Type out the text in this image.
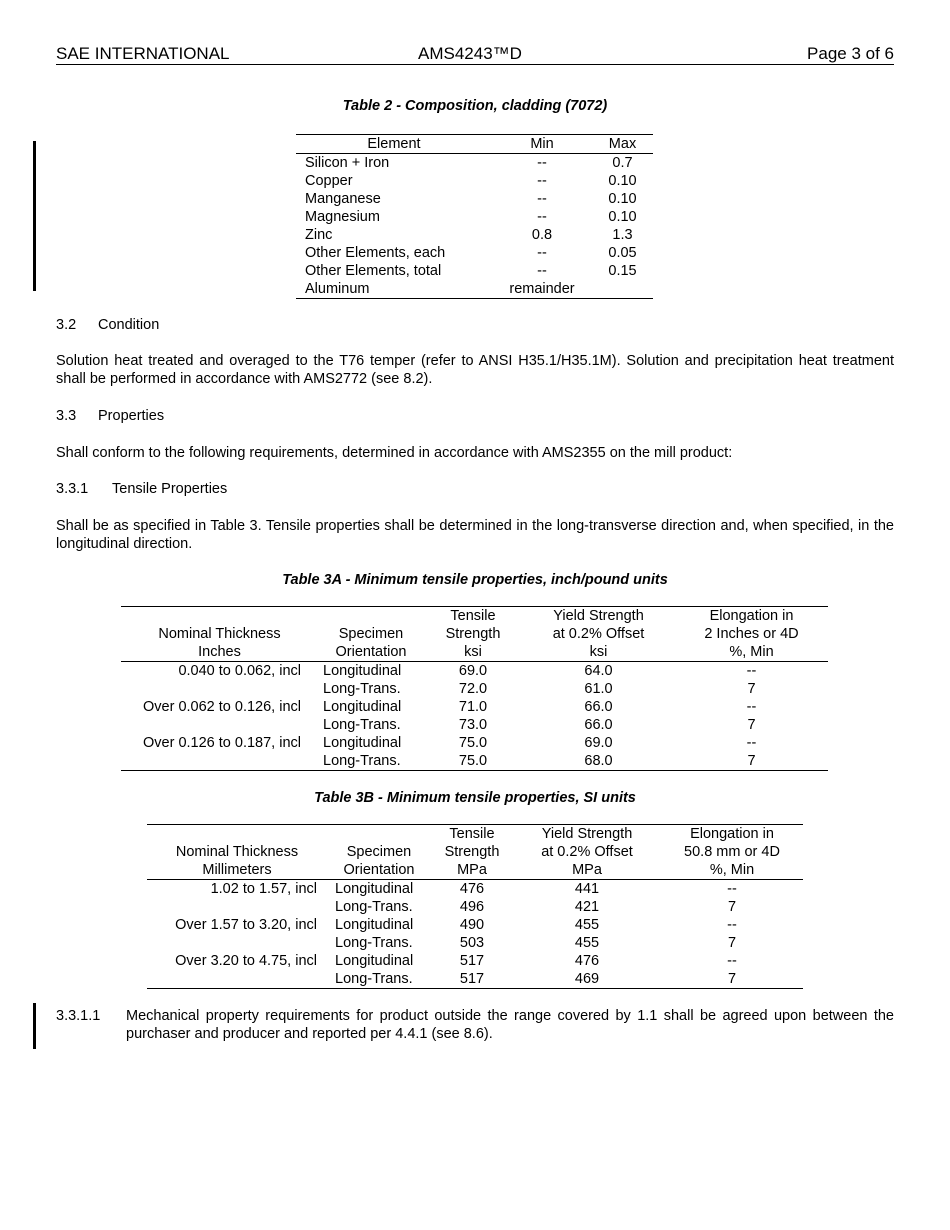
SAE INTERNATIONAL	AMS4243™D	Page 3 of 6
Table 2 - Composition, cladding (7072)
Element	Min	Max
Silicon + Iron	--	0.7
Copper	--	0.10
Manganese	--	0.10
Magnesium	--	0.10
Zinc	0.8	1.3
Other Elements, each	--	0.05
Other Elements, total	--	0.15
Aluminum	remainder	
3.2 Condition
Solution heat treated and overaged to the T76 temper (refer to ANSI H35.1/H35.1M). Solution and precipitation heat treatment shall be performed in accordance with AMS2772 (see 8.2).
3.3 Properties
Shall conform to the following requirements, determined in accordance with AMS2355 on the mill product:
3.3.1 Tensile Properties
Shall be as specified in Table 3. Tensile properties shall be determined in the long-transverse direction and, when specified, in the longitudinal direction.
Table 3A - Minimum tensile properties, inch/pound units
		Tensile	Yield Strength	Elongation in
Nominal Thickness	Specimen	Strength	at 0.2% Offset	2 Inches or 4D
Inches	Orientation	ksi	ksi	%, Min
0.040 to 0.062, incl	Longitudinal	69.0	64.0	--
	Long-Trans.	72.0	61.0	7
Over 0.062 to 0.126, incl	Longitudinal	71.0	66.0	--
	Long-Trans.	73.0	66.0	7
Over 0.126 to 0.187, incl	Longitudinal	75.0	69.0	--
	Long-Trans.	75.0	68.0	7
Table 3B - Minimum tensile properties, SI units
		Tensile	Yield Strength	Elongation in
Nominal Thickness	Specimen	Strength	at 0.2% Offset	50.8 mm or 4D
Millimeters	Orientation	MPa	MPa	%, Min
1.02 to 1.57, incl	Longitudinal	476	441	--
	Long-Trans.	496	421	7
Over 1.57 to 3.20, incl	Longitudinal	490	455	--
	Long-Trans.	503	455	7
Over 3.20 to 4.75, incl	Longitudinal	517	476	--
	Long-Trans.	517	469	7
3.3.1.1 Mechanical property requirements for product outside the range covered by 1.1 shall be agreed upon between the purchaser and producer and reported per 4.4.1 (see 8.6).
